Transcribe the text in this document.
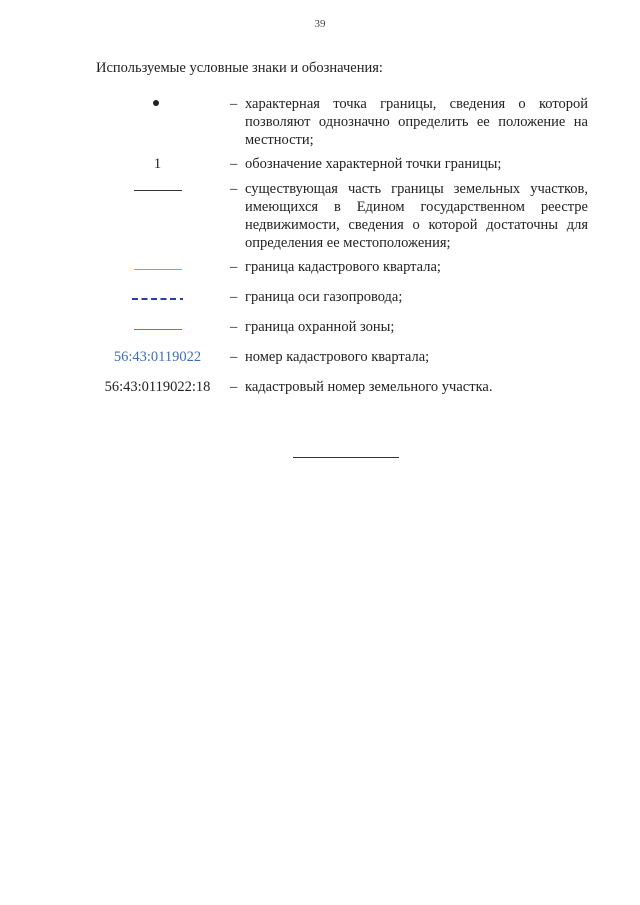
39
Используемые условные знаки и обозначения:
– характерная точка границы, сведения о которой позволяют однозначно определить ее положение на местности;
1	– обозначение характерной точки границы;
– существующая часть границы земельных участков, имеющихся в Едином государственном реестре недвижимости, сведения о которой достаточны для определения ее местоположения;
– граница кадастрового квартала;
– граница оси газопровода;
– граница охранной зоны;
56:43:0119022	– номер кадастрового квартала;
56:43:0119022:18	– кадастровый номер земельного участка.
